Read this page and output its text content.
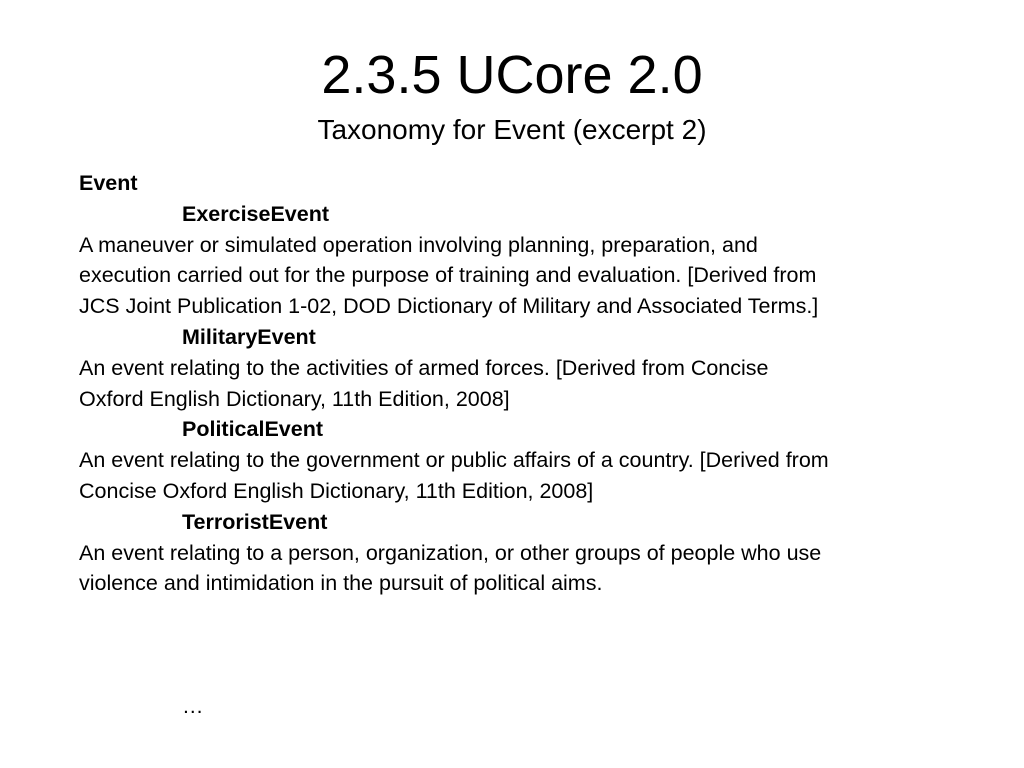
2.3.5 UCore 2.0
Taxonomy for Event (excerpt 2)
Event
ExerciseEvent
A maneuver or simulated operation involving planning, preparation, and
execution carried out for the purpose of training and evaluation. [Derived from
JCS Joint Publication 1-02, DOD Dictionary of Military and Associated Terms.]
MilitaryEvent
An event relating to the activities of armed forces. [Derived from Concise
Oxford English Dictionary, 11th Edition, 2008]
PoliticalEvent
An event relating to the government or public affairs of a country. [Derived from
Concise Oxford English Dictionary, 11th Edition, 2008]
TerroristEvent
An event relating to a person, organization, or other groups of people who use
violence and intimidation in the pursuit of political aims.
…
